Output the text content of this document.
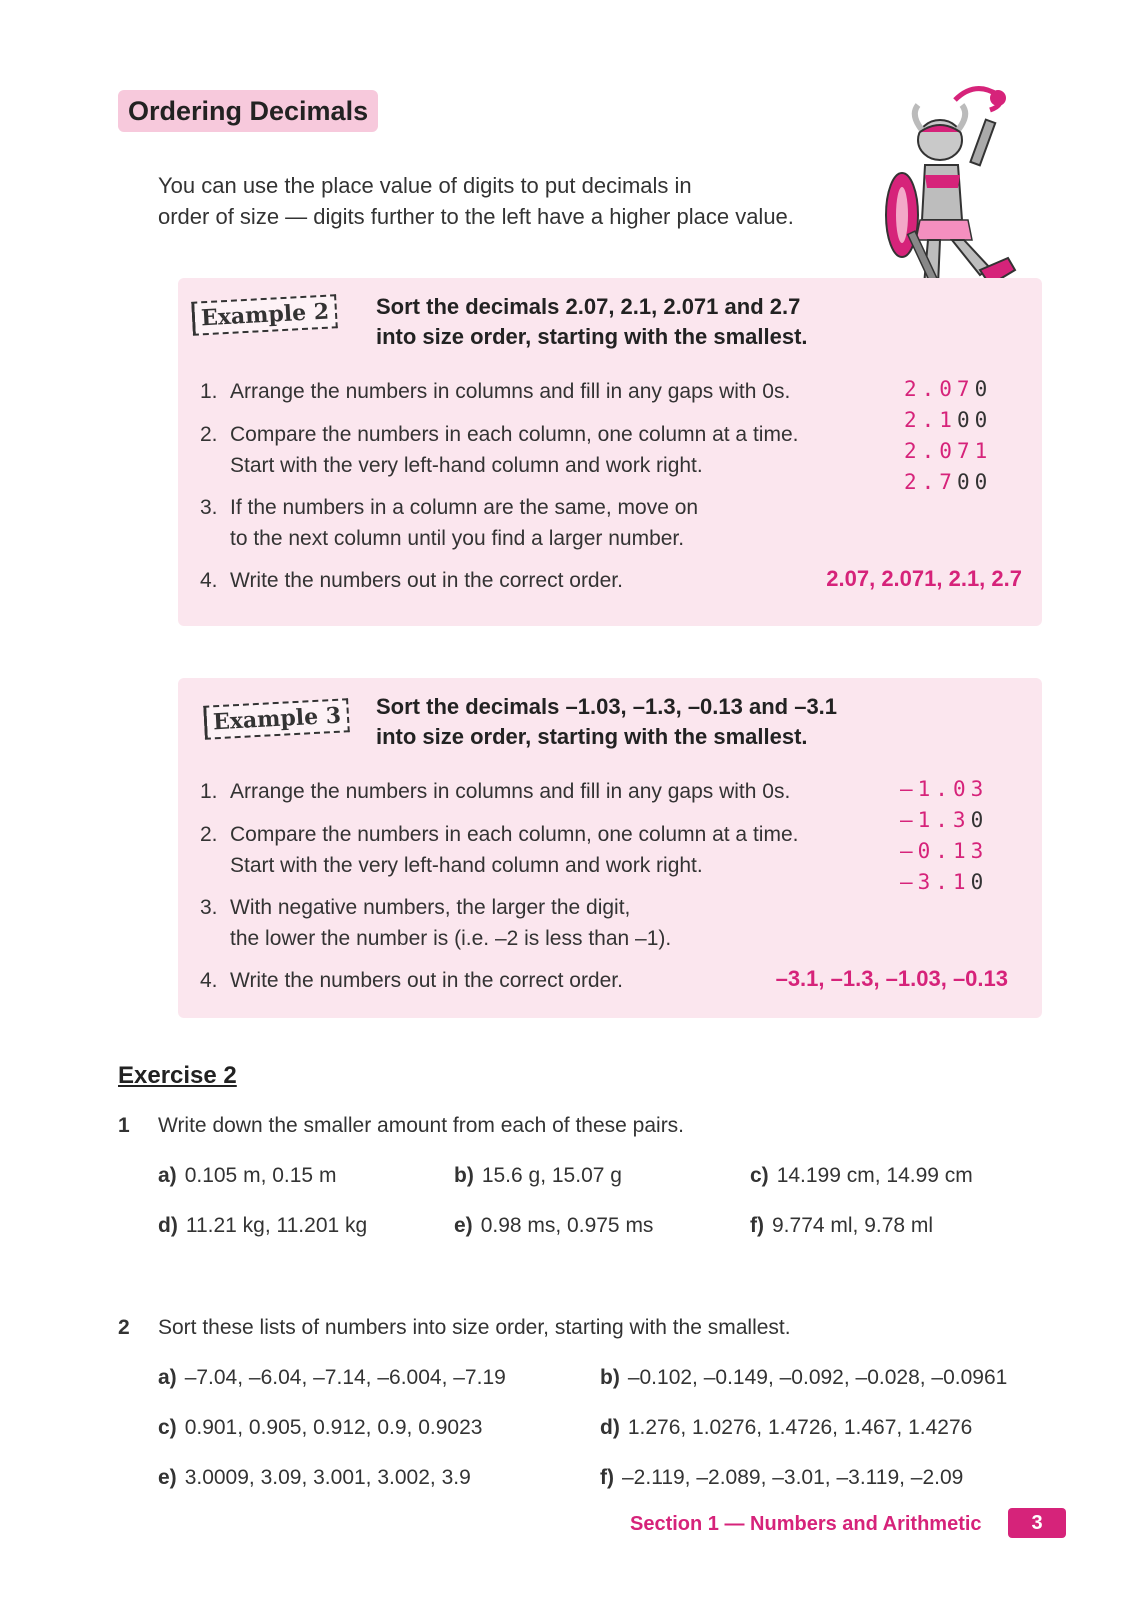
Ordering Decimals
You can use the place value of digits to put decimals in
order of size — digits further to the left have a higher place value.
Example 2	Sort the decimals 2.07, 2.1, 2.071 and 2.7
into size order, starting with the smallest.
1. Arrange the numbers in columns and fill in any gaps with 0s.
2. Compare the numbers in each column, one column at a time.
Start with the very left-hand column and work right.
3. If the numbers in a column are the same, move on
to the next column until you find a larger number.
4. Write the numbers out in the correct order.
2.070
2.100
2.071
2.700
2.07, 2.071, 2.1, 2.7
Example 3	Sort the decimals –1.03, –1.3, –0.13 and –3.1
into size order, starting with the smallest.
1. Arrange the numbers in columns and fill in any gaps with 0s.
2. Compare the numbers in each column, one column at a time.
Start with the very left-hand column and work right.
3. With negative numbers, the larger the digit,
the lower the number is (i.e. –2 is less than –1).
4. Write the numbers out in the correct order.
–1.03
–1.30
–0.13
–3.10
–3.1, –1.3, –1.03, –0.13
Exercise 2
1 Write down the smaller amount from each of these pairs.
a) 0.105 m, 0.15 m	b) 15.6 g, 15.07 g	c) 14.199 cm, 14.99 cm
d) 11.21 kg, 11.201 kg	e) 0.98 ms, 0.975 ms	f) 9.774 ml, 9.78 ml
2 Sort these lists of numbers into size order, starting with the smallest.
a) –7.04, –6.04, –7.14, –6.004, –7.19	b) –0.102, –0.149, –0.092, –0.028, –0.0961
c) 0.901, 0.905, 0.912, 0.9, 0.9023	d) 1.276, 1.0276, 1.4726, 1.467, 1.4276
e) 3.0009, 3.09, 3.001, 3.002, 3.9	f) –2.119, –2.089, –3.01, –3.119, –2.09
Section 1 — Numbers and Arithmetic	3
